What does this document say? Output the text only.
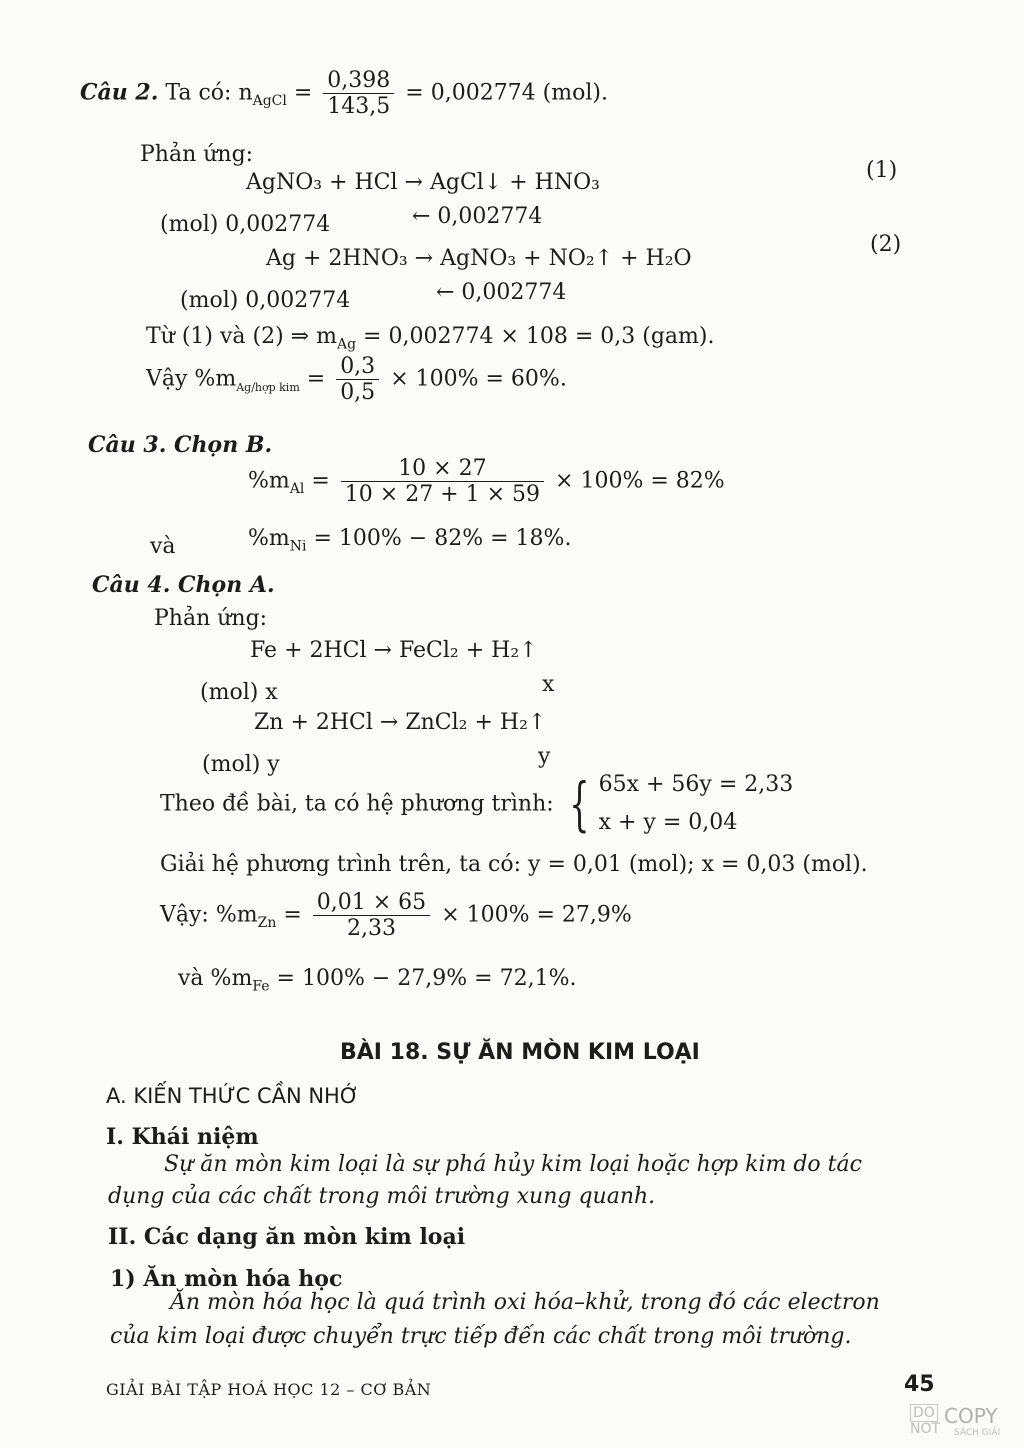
Câu 2. Ta có: $n_{AgCl} = \frac{0,398}{143,5} = 0,002774$ (mol).
Phản ứng:
AgNO₃ + HCl → AgCl↓ + HNO₃	(1)
(mol) 0,002774	← 0,002774
Ag + 2HNO₃ → AgNO₃ + NO₂↑ + H₂O
(2)
(mol) 0,002774	← 0,002774
Từ (1) và (2) ⇒ $m_{Ag} = 0,002774 \times 108 = 0,3$ (gam).
Vậy $\%m_{Ag/hợp kim} = \frac{0,3}{0,5} \times 100\% = 60\%$.
Câu 3. Chọn B.
$\%m_{Al} = \frac{10 \times 27}{10 \times 27 + 1 \times 59} \times 100\% = 82\%$
và	$\%m_{Ni} = 100\% - 82\% = 18\%$.
Câu 4. Chọn A.
Phản ứng:
Fe + 2HCl → FeCl₂ + H₂↑
(mol) x	x
Zn + 2HCl → ZnCl₂ + H₂↑
(mol) y	y
Theo đề bài, ta có hệ phương trình: { 65x + 56y = 2,33
x + y = 0,04
Giải hệ phương trình trên, ta có: y = 0,01 (mol); x = 0,03 (mol).
Vậy: $\%m_{Zn} = \frac{0,01 \times 65}{2,33} \times 100\% = 27,9\%$
và $\%m_{Fe} = 100\% - 27,9\% = 72,1\%$.
BÀI 18. SỰ ĂN MÒN KIM LOẠI
A. KIẾN THỨC CẦN NHỚ
I. Khái niệm
Sự ăn mòn kim loại là sự phá hủy kim loại hoặc hợp kim do tác
dụng của các chất trong môi trường xung quanh.
II. Các dạng ăn mòn kim loại
1) Ăn mòn hóa học
Ăn mòn hóa học là quá trình oxi hóa–khử, trong đó các electron
của kim loại được chuyển trực tiếp đến các chất trong môi trường.
GIẢI BÀI TẬP HOÁ HỌC 12 – CƠ BẢN	45
DO
NOT
COPY
SÁCH GIẢI
